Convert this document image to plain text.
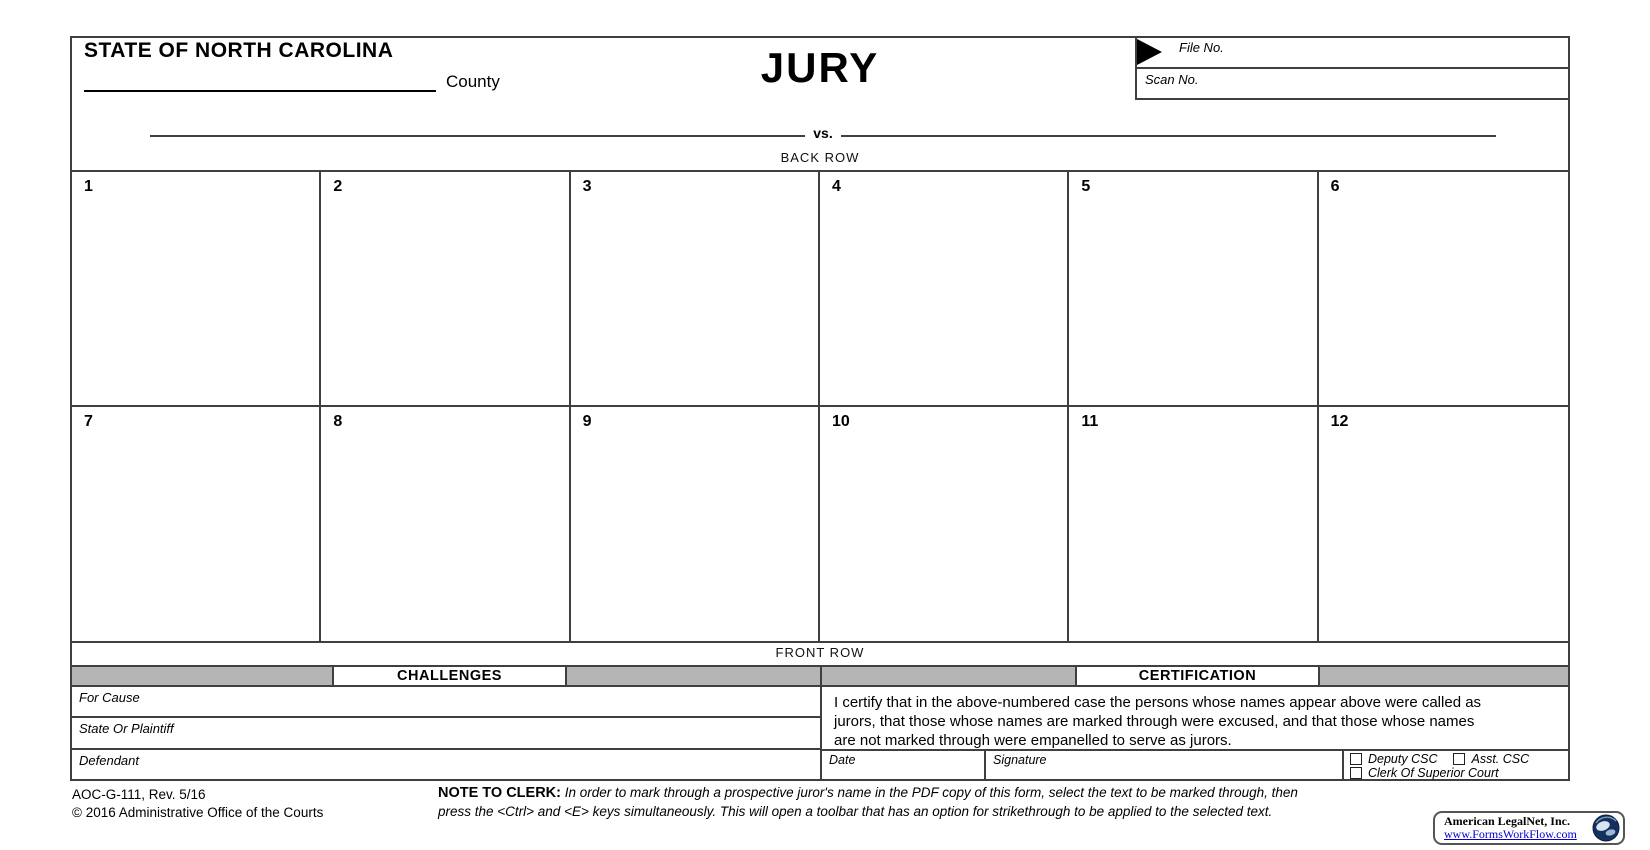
STATE OF NORTH CAROLINA
County	JURY	File No.
Scan No.
vs.
BACK ROW
1	2	3	4	5	6
7	8	9	10	11	12
FRONT ROW
CHALLENGES	CERTIFICATION
For Cause
State Or Plaintiff
Defendant
I certify that in the above-numbered case the persons whose names appear above were called as jurors, that those whose names are marked through were excused, and that those whose names are not marked through were empanelled to serve as jurors.
Date	Signature	Deputy CSC	Asst. CSC
Clerk Of Superior Court
AOC-G-111, Rev. 5/16
© 2016 Administrative Office of the Courts
NOTE TO CLERK: In order to mark through a prospective juror's name in the PDF copy of this form, select the text to be marked through, then
press the <Ctrl> and <E> keys simultaneously. This will open a toolbar that has an option for strikethrough to be applied to the selected text.
American LegalNet, Inc.
www.FormsWorkFlow.com
